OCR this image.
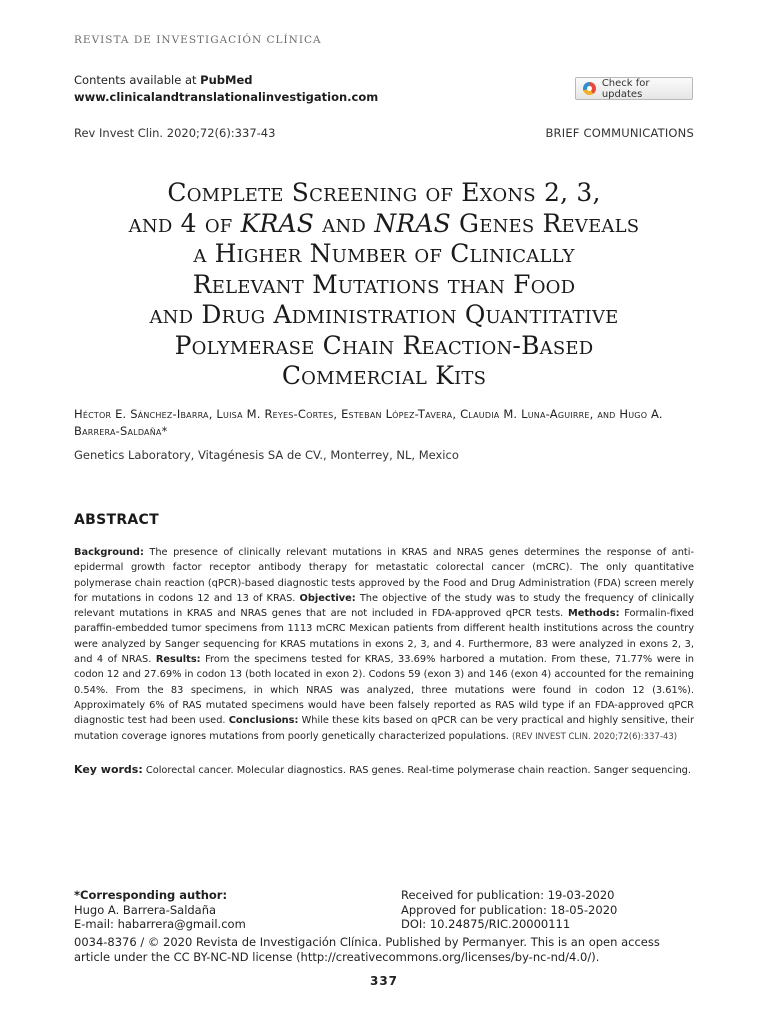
REVISTA DE INVESTIGACIÓN CLÍNICA
Contents available at PubMed
www.clinicalandtranslationalinvestigation.com
Check for updates
Rev Invest Clin. 2020;72(6):337-43	BRIEF COMMUNICATIONS
Complete Screening of Exons 2, 3,
and 4 of KRAS and NRAS Genes Reveals
a Higher Number of Clinically
Relevant Mutations than Food
and Drug Administration Quantitative
Polymerase Chain Reaction-Based
Commercial Kits
Héctor E. Sánchez-Ibarra, Luisa M. Reyes-Cortes, Esteban López-Tavera, Claudia M. Luna-Aguirre, and Hugo A. Barrera-Saldaña*
Genetics Laboratory, Vitagénesis SA de CV., Monterrey, NL, Mexico
ABSTRACT
Background: The presence of clinically relevant mutations in KRAS and NRAS genes determines the response of anti-epidermal growth factor receptor antibody therapy for metastatic colorectal cancer (mCRC). The only quantitative polymerase chain reaction (qPCR)-based diagnostic tests approved by the Food and Drug Administration (FDA) screen merely for mutations in codons 12 and 13 of KRAS. Objective: The objective of the study was to study the frequency of clinically relevant mutations in KRAS and NRAS genes that are not included in FDA-approved qPCR tests. Methods: Formalin-fixed paraffin-embedded tumor specimens from 1113 mCRC Mexican patients from different health institutions across the country were analyzed by Sanger sequencing for KRAS mutations in exons 2, 3, and 4. Furthermore, 83 were analyzed in exons 2, 3, and 4 of NRAS. Results: From the specimens tested for KRAS, 33.69% harbored a mutation. From these, 71.77% were in codon 12 and 27.69% in codon 13 (both located in exon 2). Codons 59 (exon 3) and 146 (exon 4) accounted for the remaining 0.54%. From the 83 specimens, in which NRAS was analyzed, three mutations were found in codon 12 (3.61%). Approximately 6% of RAS mutated specimens would have been falsely reported as RAS wild type if an FDA-approved qPCR diagnostic test had been used. Conclusions: While these kits based on qPCR can be very practical and highly sensitive, their mutation coverage ignores mutations from poorly genetically characterized populations. (REV INVEST CLIN. 2020;72(6):337-43)
Key words: Colorectal cancer. Molecular diagnostics. RAS genes. Real-time polymerase chain reaction. Sanger sequencing.
*Corresponding author:
Hugo A. Barrera-Saldaña
E-mail: habarrera@gmail.com
Received for publication: 19-03-2020
Approved for publication: 18-05-2020
DOI: 10.24875/RIC.20000111
0034-8376 / © 2020 Revista de Investigación Clínica. Published by Permanyer. This is an open access article under the CC BY-NC-ND license (http://creativecommons.org/licenses/by-nc-nd/4.0/).
337
